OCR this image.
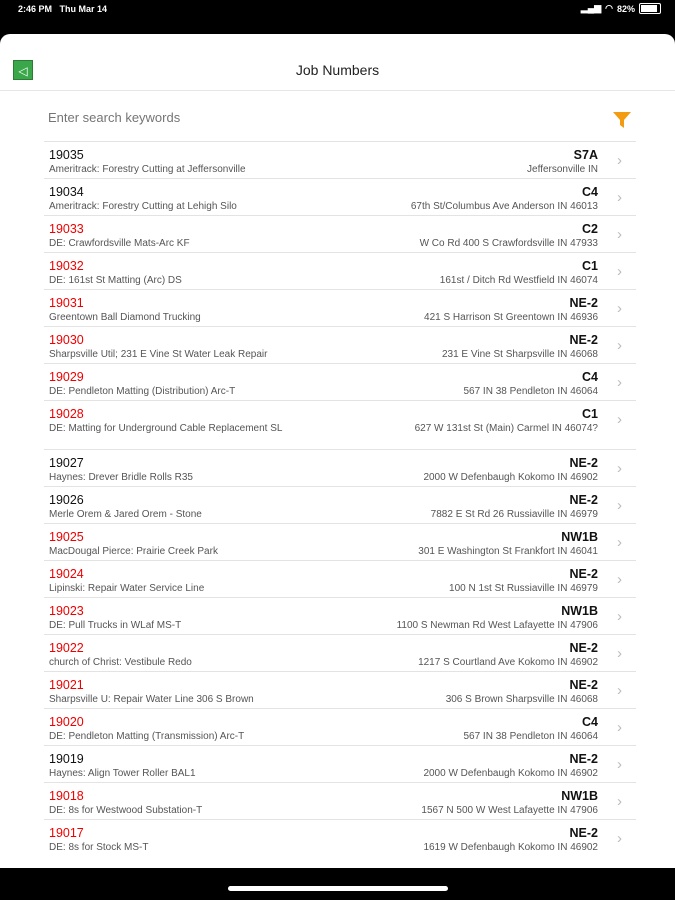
2:46 PM Thu Mar 14	▂▄▆ ◠ 82%
◁	Job Numbers
Enter search keywords
19035
Ameritrack: Forestry Cutting at Jeffersonville
S7A
Jeffersonville IN
›
19034
Ameritrack: Forestry Cutting at Lehigh Silo
C4
67th St/Columbus Ave Anderson IN 46013
›
19033
DE: Crawfordsville Mats-Arc KF
C2
W Co Rd 400 S Crawfordsville IN 47933
›
19032
DE: 161st St Matting (Arc) DS
C1
161st / Ditch Rd Westfield IN 46074
›
19031
Greentown Ball Diamond Trucking
NE-2
421 S Harrison St Greentown IN 46936
›
19030
Sharpsville Util; 231 E Vine St Water Leak Repair
NE-2
231 E Vine St Sharpsville IN 46068
›
19029
DE: Pendleton Matting (Distribution) Arc-T
C4
567 IN 38 Pendleton IN 46064
›
19028
DE: Matting for Underground Cable Replacement SL
C1
627 W 131st St (Main) Carmel IN 46074?
›
19027
Haynes: Drever Bridle Rolls R35
NE-2
2000 W Defenbaugh Kokomo IN 46902
›
19026
Merle Orem & Jared Orem - Stone
NE-2
7882 E St Rd 26 Russiaville IN 46979
›
19025
MacDougal Pierce: Prairie Creek Park
NW1B
301 E Washington St Frankfort IN 46041
›
19024
Lipinski: Repair Water Service Line
NE-2
100 N 1st St Russiaville IN 46979
›
19023
DE: Pull Trucks in WLaf MS-T
NW1B
1100 S Newman Rd West Lafayette IN 47906
›
19022
church of Christ: Vestibule Redo
NE-2
1217 S Courtland Ave Kokomo IN 46902
›
19021
Sharpsville U: Repair Water Line 306 S Brown
NE-2
306 S Brown Sharpsville IN 46068
›
19020
DE: Pendleton Matting (Transmission) Arc-T
C4
567 IN 38 Pendleton IN 46064
›
19019
Haynes: Align Tower Roller BAL1
NE-2
2000 W Defenbaugh Kokomo IN 46902
›
19018
DE: 8s for Westwood Substation-T
NW1B
1567 N 500 W West Lafayette IN 47906
›
19017
DE: 8s for Stock MS-T
NE-2
1619 W Defenbaugh Kokomo IN 46902
›
